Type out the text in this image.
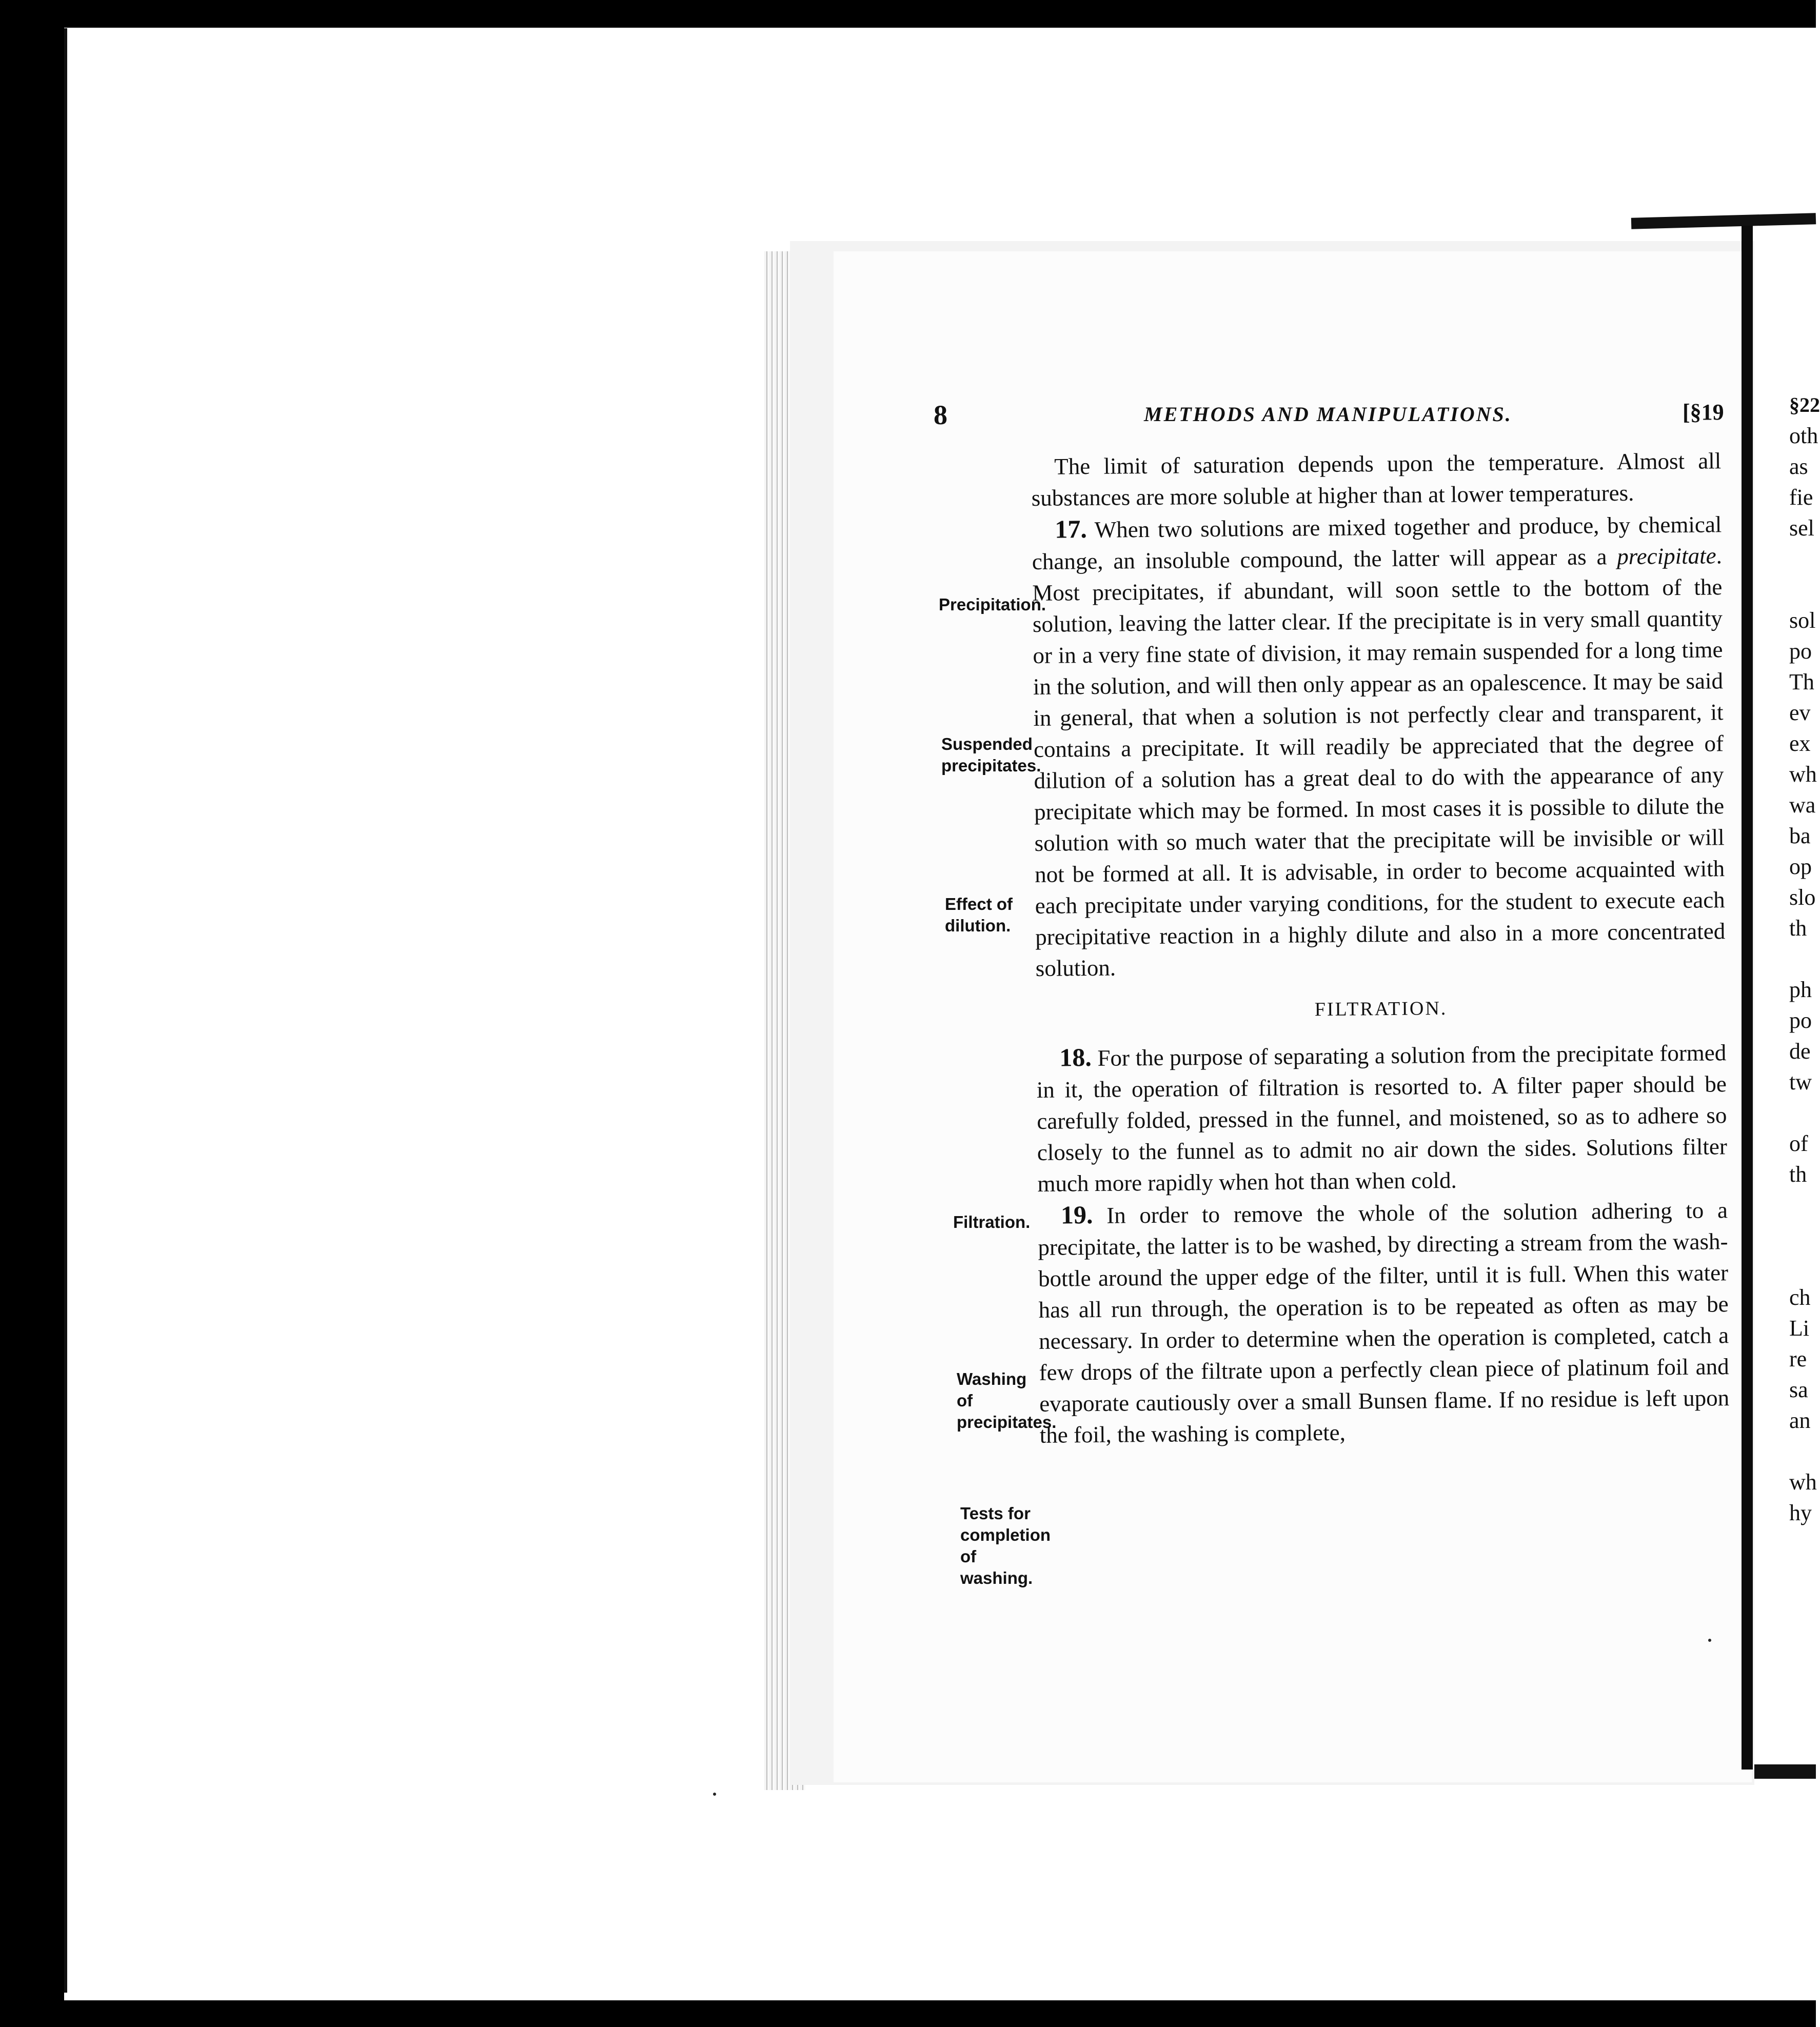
8	METHODS AND MANIPULATIONS.	[§19

The limit of saturation depends upon the temperature. Almost all substances are more soluble at higher than at lower temperatures.

17. When two solutions are mixed together and produce, by chemical change, an insoluble compound, the latter will appear as a precipitate. Most precipitates, if abundant, will soon settle to the bottom of the solution, leaving the latter clear. If the precipitate is in very small quantity or in a very fine state of division, it may remain suspended for a long time in the solution, and will then only appear as an opalescence. It may be said in general, that when a solution is not perfectly clear and transparent, it contains a precipitate. It will readily be appreciated that the degree of dilution of a solution has a great deal to do with the appearance of any precipitate which may be formed. In most cases it is possible to dilute the solution with so much water that the precipitate will be invisible or will not be formed at all. It is advisable, in order to become acquainted with each precipitate under varying conditions, for the student to execute each precipitative reaction in a highly dilute and also in a more concentrated solution.

FILTRATION.

18. For the purpose of separating a solution from the precipitate formed in it, the operation of filtration is resorted to. A filter paper should be carefully folded, pressed in the funnel, and moistened, so as to adhere so closely to the funnel as to admit no air down the sides. Solutions filter much more rapidly when hot than when cold.

19. In order to remove the whole of the solution adhering to a precipitate, the latter is to be washed, by directing a stream from the wash-bottle around the upper edge of the filter, until it is full. When this water has all run through, the operation is to be repeated as often as may be necessary. In order to determine when the operation is completed, catch a few drops of the filtrate upon a perfectly clean piece of platinum foil and evaporate cautiously over a small Bunsen flame. If no residue is left upon the foil, the washing is complete,

Precipitation.
Suspended precipitates.
Effect of dilution.
Filtration.
Washing of precipitates.
Tests for completion of washing.
§22
oth
as
fie
sel

sol
po
Th
ev
ex
wh
wa
ba
op
slo
th

ph
po
de
tw

of
th

ch
Li
re
sa
an

wh
hy
